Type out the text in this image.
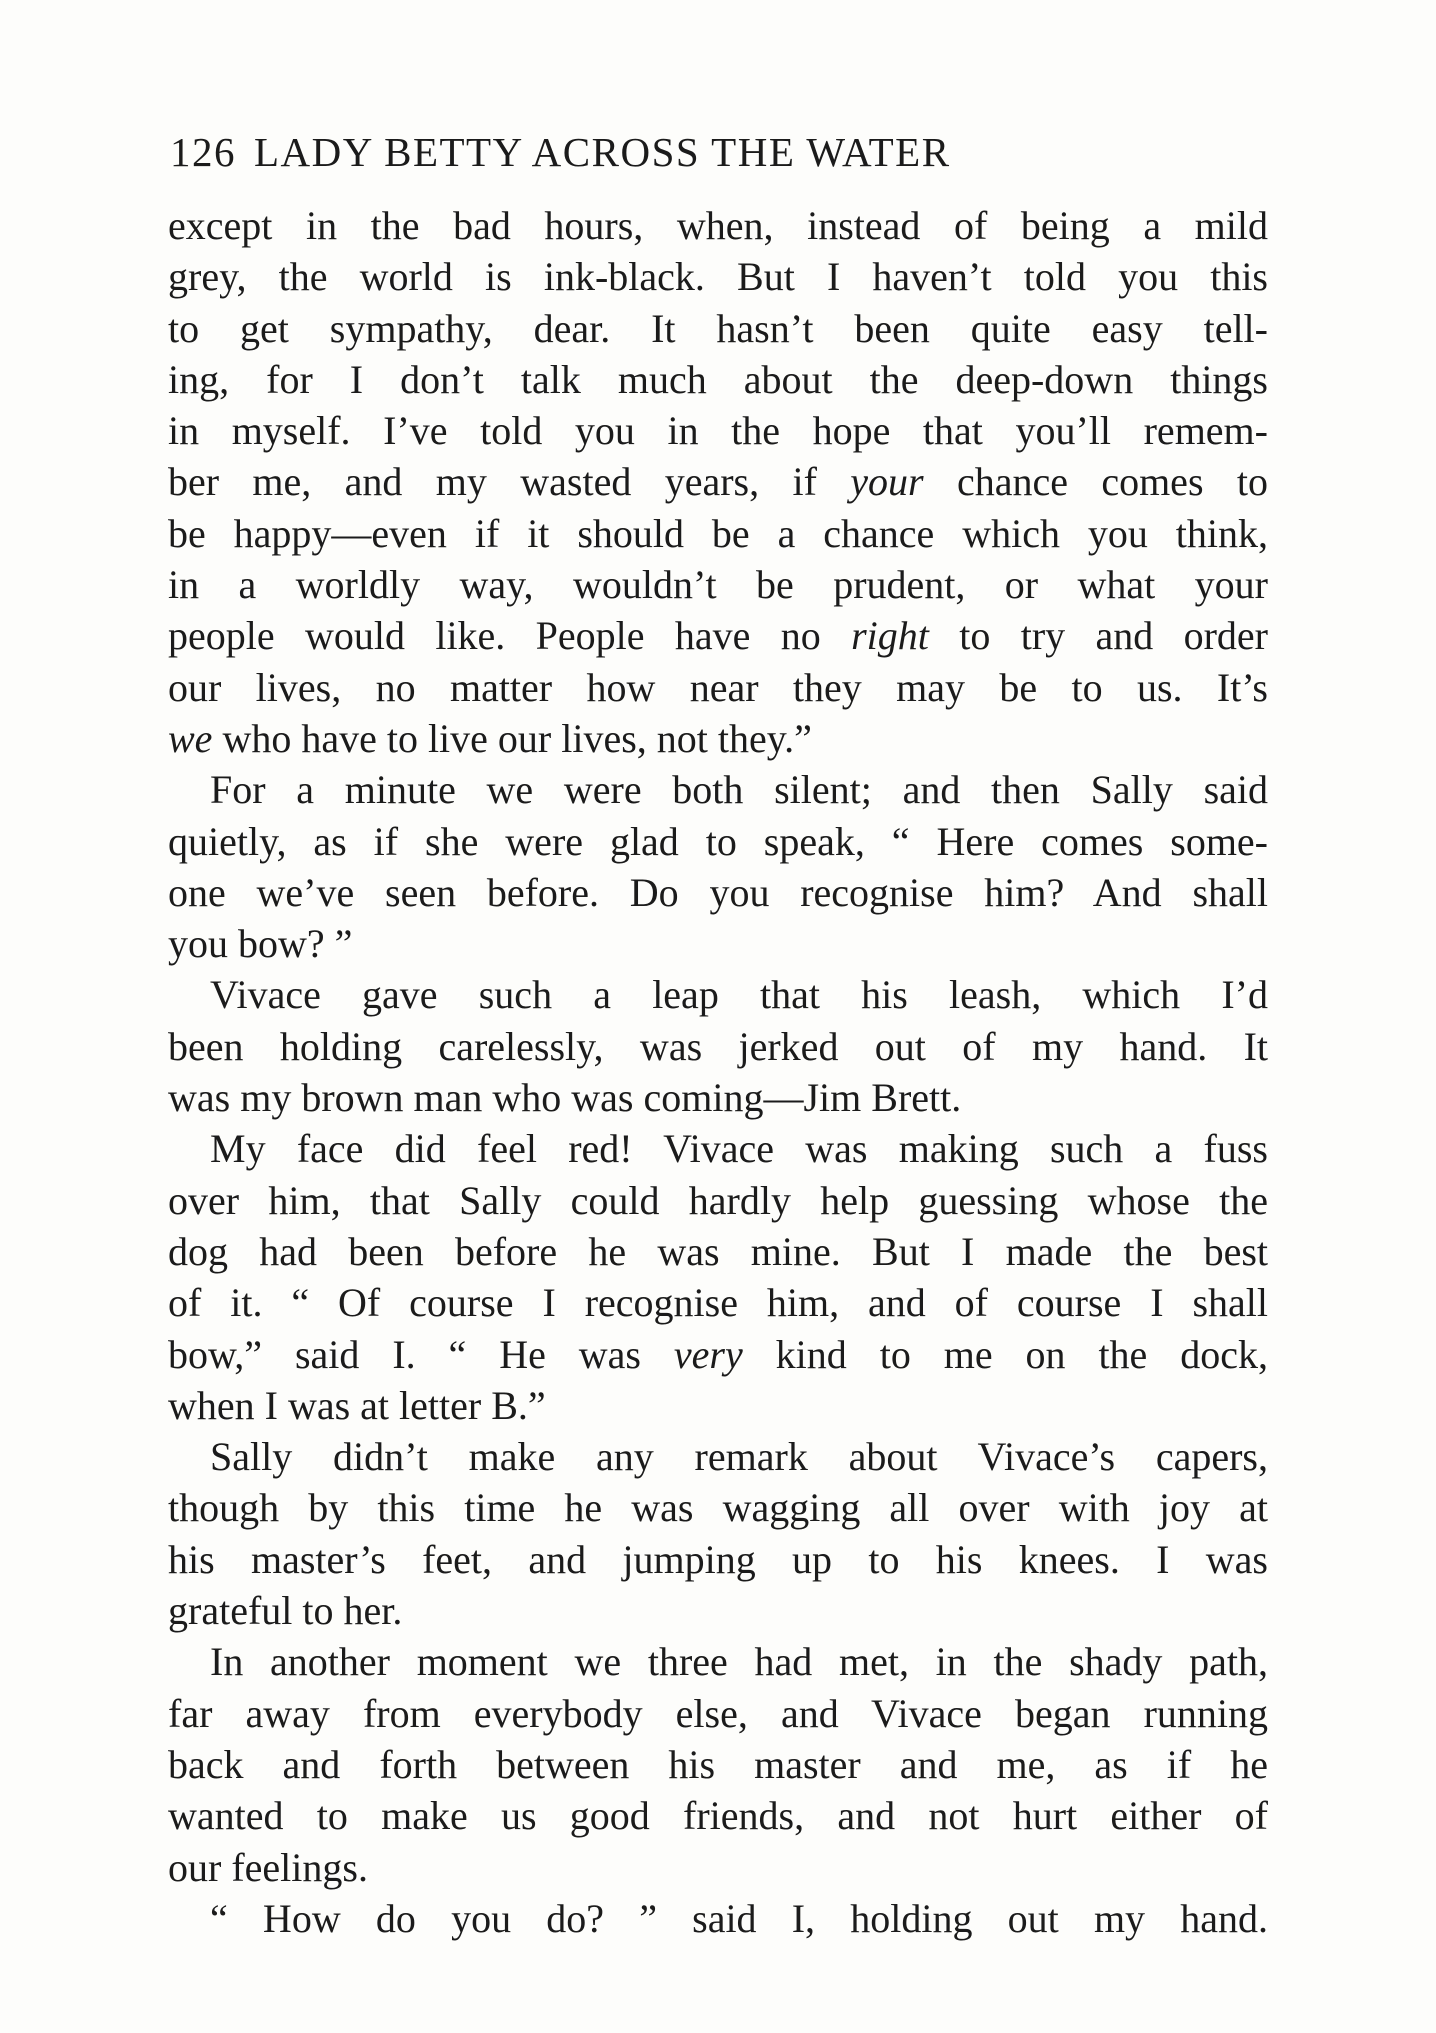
126 LADY BETTY ACROSS THE WATER
except in the bad hours, when, instead of being a mild
grey, the world is ink-black. But I haven’t told you this
to get sympathy, dear. It hasn’t been quite easy tell-
ing, for I don’t talk much about the deep-down things
in myself. I’ve told you in the hope that you’ll remem-
ber me, and my wasted years, if your chance comes to
be happy—even if it should be a chance which you think,
in a worldly way, wouldn’t be prudent, or what your
people would like. People have no right to try and order
our lives, no matter how near they may be to us. It’s
we who have to live our lives, not they.”
For a minute we were both silent; and then Sally said
quietly, as if she were glad to speak, “ Here comes some-
one we’ve seen before. Do you recognise him? And shall
you bow? ”
Vivace gave such a leap that his leash, which I’d
been holding carelessly, was jerked out of my hand. It
was my brown man who was coming—Jim Brett.
My face did feel red! Vivace was making such a fuss
over him, that Sally could hardly help guessing whose the
dog had been before he was mine. But I made the best
of it. “ Of course I recognise him, and of course I shall
bow,” said I. “ He was very kind to me on the dock,
when I was at letter B.”
Sally didn’t make any remark about Vivace’s capers,
though by this time he was wagging all over with joy at
his master’s feet, and jumping up to his knees. I was
grateful to her.
In another moment we three had met, in the shady path,
far away from everybody else, and Vivace began running
back and forth between his master and me, as if he
wanted to make us good friends, and not hurt either of
our feelings.
“ How do you do? ” said I, holding out my hand.
